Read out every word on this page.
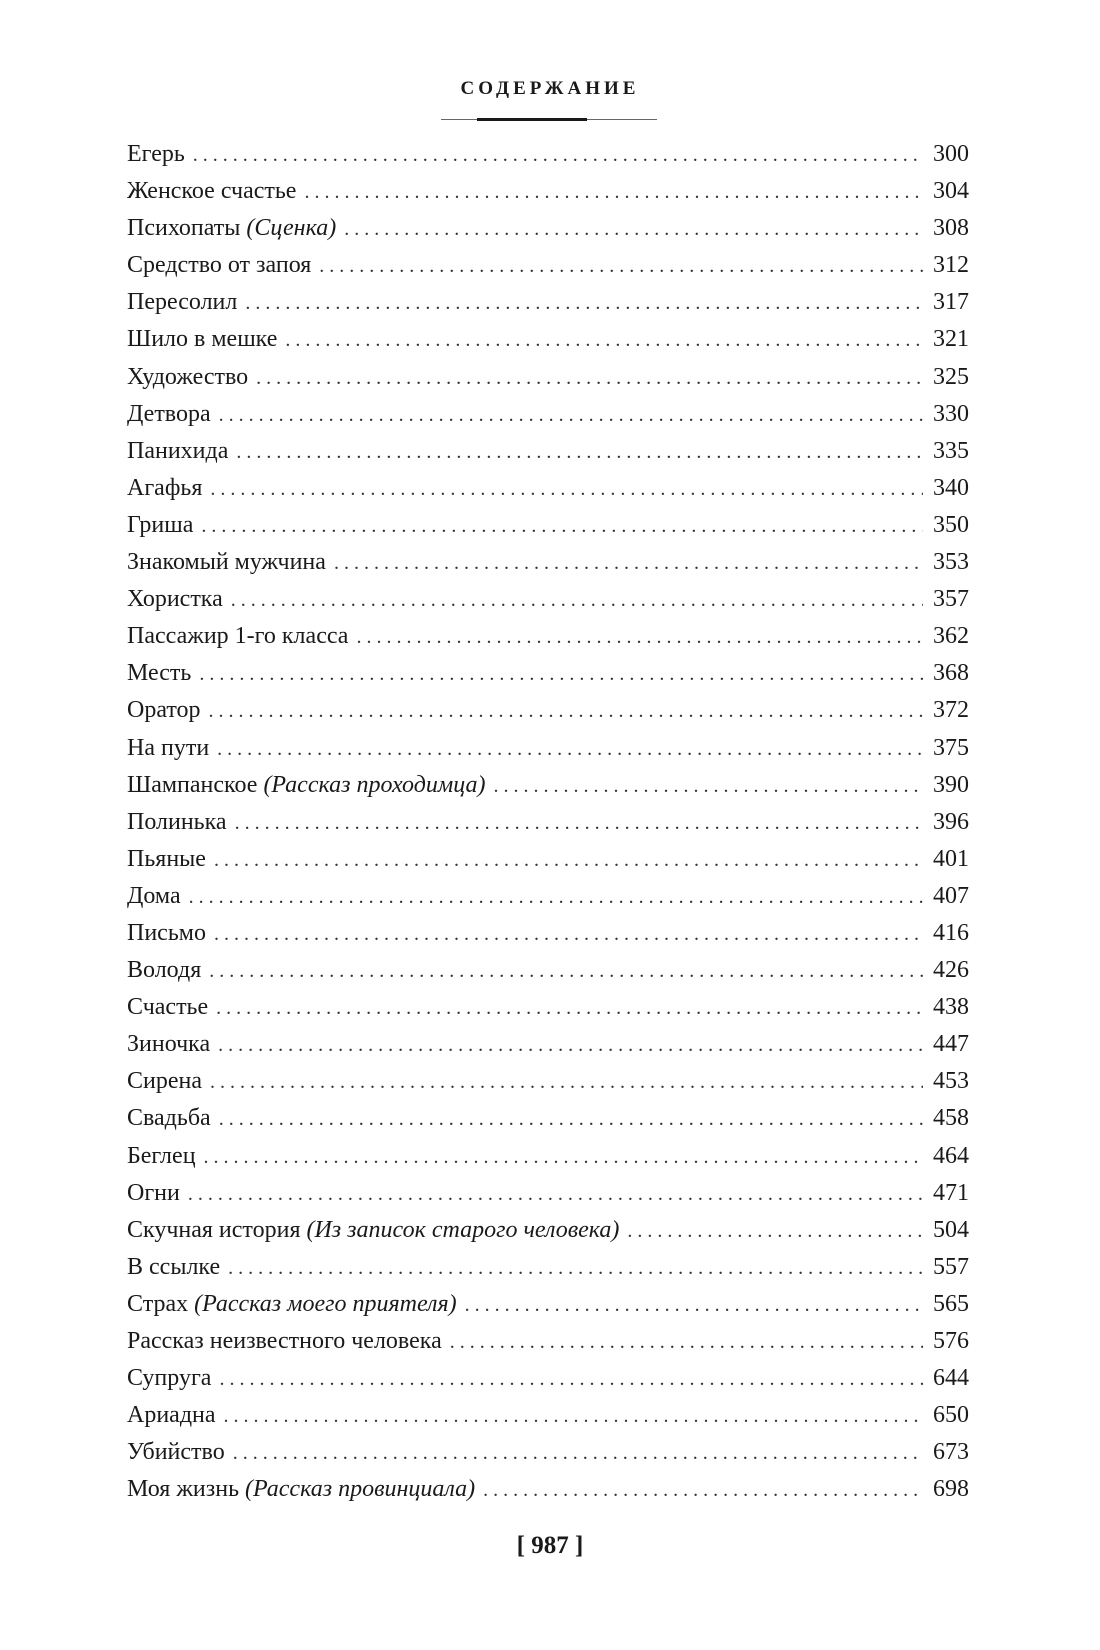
СОДЕРЖАНИЕ
Егерь . . .	300
Женское счастье . . .	304
Психопаты (Сценка) . . .	308
Средство от запоя . . .	312
Пересолил . . .	317
Шило в мешке . . .	321
Художество . . .	325
Детвора . . .	330
Панихида . . .	335
Агафья . . .	340
Гриша . . .	350
Знакомый мужчина . . .	353
Хористка . . .	357
Пассажир 1-го класса . . .	362
Месть . . .	368
Оратор . . .	372
На пути . . .	375
Шампанское (Рассказ проходимца) . . .	390
Полинька . . .	396
Пьяные . . .	401
Дома . . .	407
Письмо . . .	416
Володя . . .	426
Счастье . . .	438
Зиночка . . .	447
Сирена . . .	453
Свадьба . . .	458
Беглец . . .	464
Огни . . .	471
Скучная история (Из записок старого человека) . . .	504
В ссылке . . .	557
Страх (Рассказ моего приятеля) . . .	565
Рассказ неизвестного человека . . .	576
Супруга . . .	644
Ариадна . . .	650
Убийство . . .	673
Моя жизнь (Рассказ провинциала) . . .	698
[ 987 ]
